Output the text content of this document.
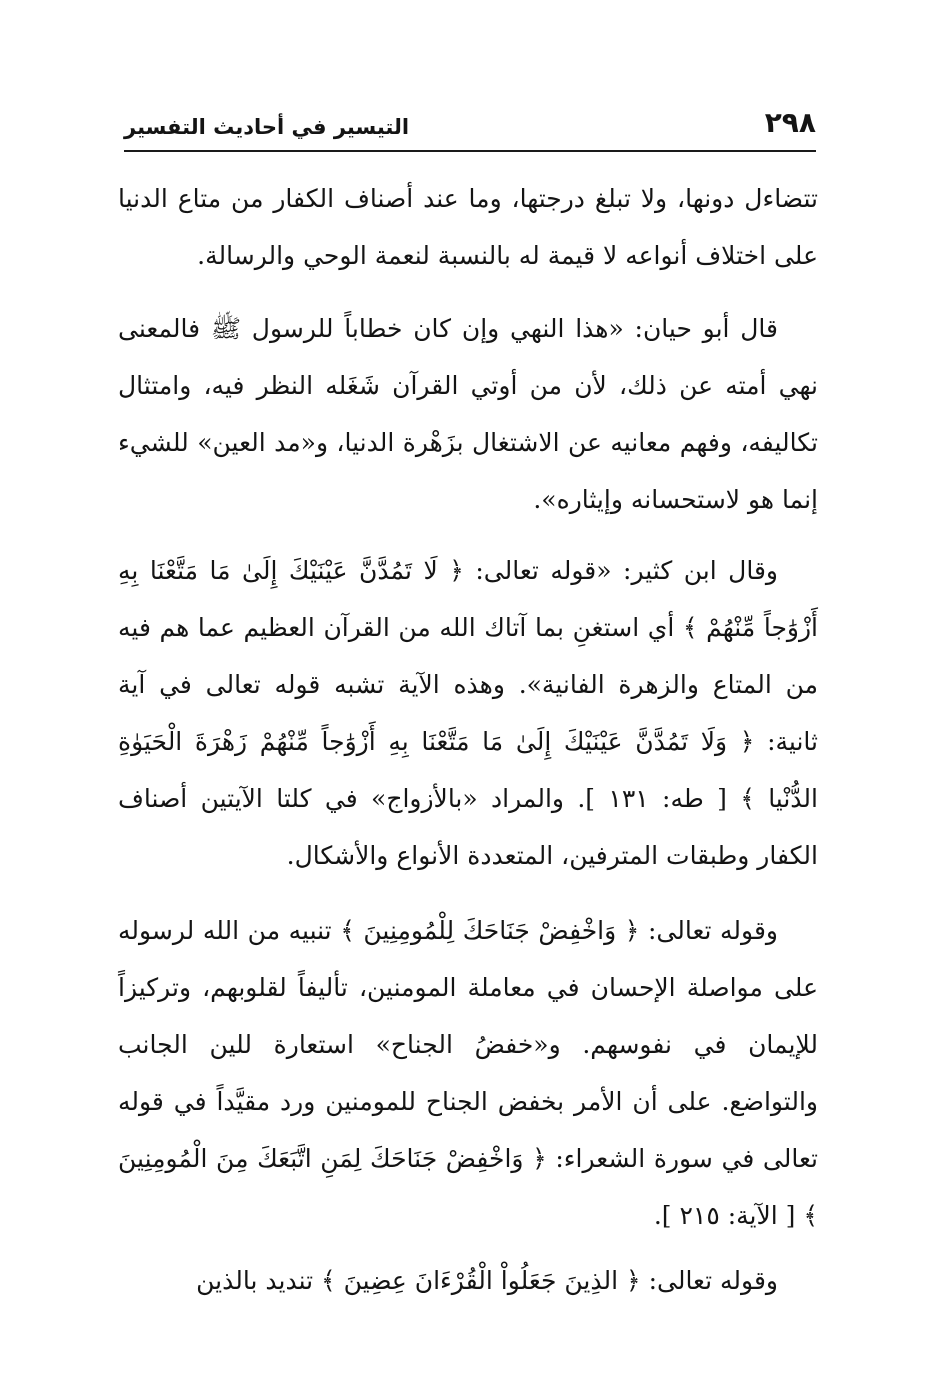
٢٩٨
التيسير في أحاديث التفسير

تتضاءل دونها، ولا تبلغ درجتها، وما عند أصناف الكفار من متاع الدنيا على اختلاف أنواعه لا قيمة له بالنسبة لنعمة الوحي والرسالة.

قال أبو حيان: «هذا النهي وإن كان خطاباً للرسول ﷺ فالمعنى نهي أمته عن ذلك، لأن من أوتي القرآن شَغَله النظر فيه، وامتثال تكاليفه، وفهم معانيه عن الاشتغال بزَهْرة الدنيا، و«مد العين» للشيء إنما هو لاستحسانه وإيثاره».

وقال ابن كثير: «قوله تعالى: ﴿ لَا تَمُدَّنَّ عَيْنَيْكَ إِلَىٰ مَا مَتَّعْنَا بِهِ أَزْوَٰجاً مِّنْهُمْ ﴾ أي استغنِ بما آتاك الله من القرآن العظيم عما هم فيه من المتاع والزهرة الفانية». وهذه الآية تشبه قوله تعالى في آية ثانية: ﴿ وَلَا تَمُدَّنَّ عَيْنَيْكَ إِلَىٰ مَا مَتَّعْنَا بِهِ أَزْوَٰجاً مِّنْهُمْ زَهْرَةَ الْحَيَوٰةِ الدُّنْيا ﴾ [ طه: ١٣١ ]. والمراد «بالأزواج» في كلتا الآيتين أصناف الكفار وطبقات المترفين، المتعددة الأنواع والأشكال.

وقوله تعالى: ﴿ وَاخْفِضْ جَنَاحَكَ لِلْمُومِنِينَ ﴾ تنبيه من الله لرسوله على مواصلة الإحسان في معاملة المومنين، تأليفاً لقلوبهم، وتركيزاً للإيمان في نفوسهم. و«خفضُ الجناح» استعارة للين الجانب والتواضع. على أن الأمر بخفض الجناح للمومنين ورد مقيَّداً في قوله تعالى في سورة الشعراء: ﴿ وَاخْفِضْ جَنَاحَكَ لِمَنِ اتَّبَعَكَ مِنَ الْمُومِنِينَ ﴾ [ الآية: ٢١٥ ].

وقوله تعالى: ﴿ الذِينَ جَعَلُواْ الْقُرْءَانَ عِضِينَ ﴾ تنديد بالذين
